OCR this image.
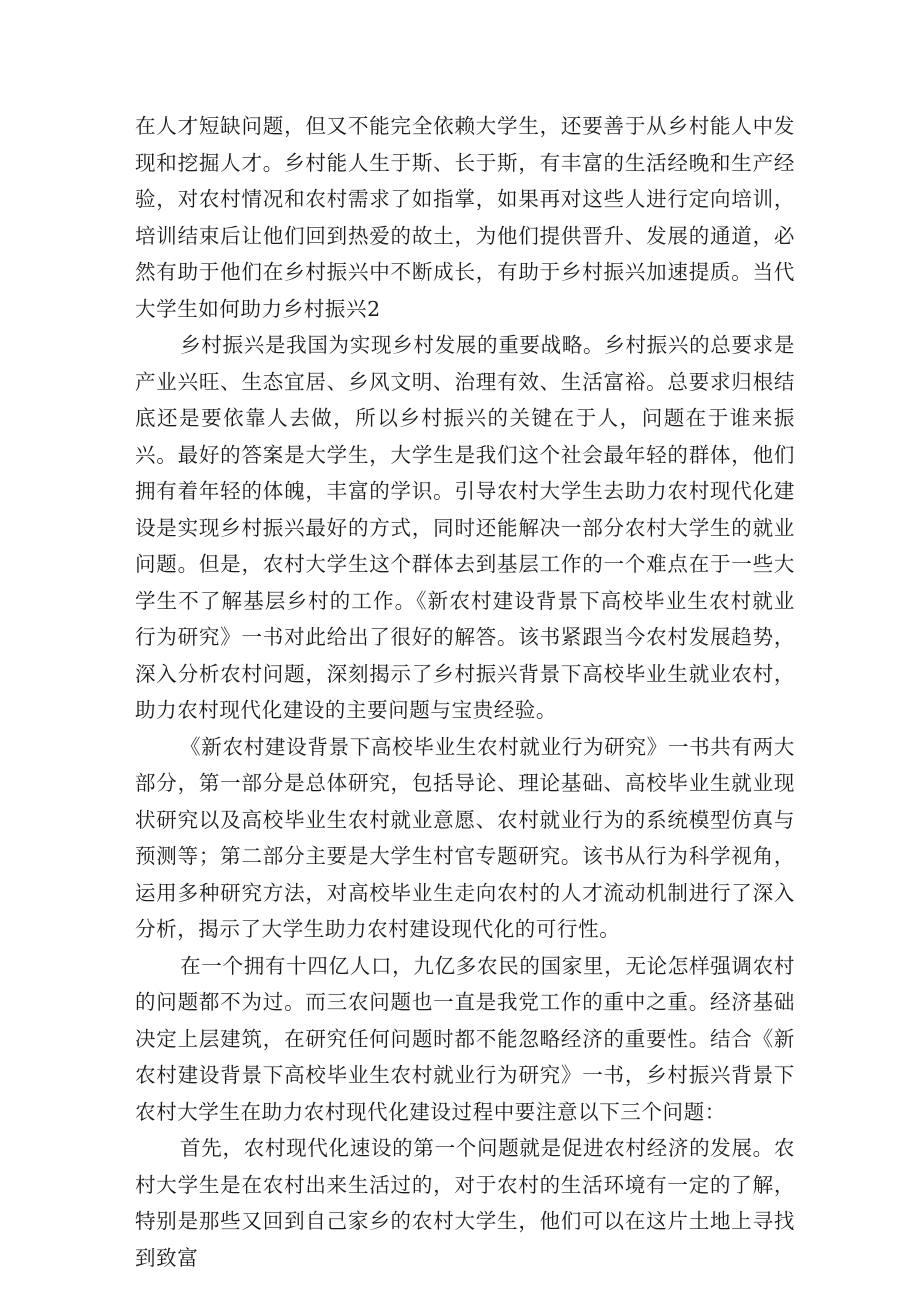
在人才短缺问题，但又不能完全依赖大学生，还要善于从乡村能人中发现和挖掘人才。乡村能人生于斯、长于斯，有丰富的生活经晚和生产经验，对农村情况和农村需求了如指掌，如果再对这些人进行定向培训，培训结束后让他们回到热爱的故土，为他们提供晋升、发展的通道，必然有助于他们在乡村振兴中不断成长，有助于乡村振兴加速提质。当代大学生如何助力乡村振兴2

乡村振兴是我国为实现乡村发展的重要战略。乡村振兴的总要求是产业兴旺、生态宜居、乡风文明、治理有效、生活富裕。总要求归根结底还是要依靠人去做，所以乡村振兴的关键在于人，问题在于谁来振兴。最好的答案是大学生，大学生是我们这个社会最年轻的群体，他们拥有着年轻的体魄，丰富的学识。引导农村大学生去助力农村现代化建设是实现乡村振兴最好的方式，同时还能解决一部分农村大学生的就业问题。但是，农村大学生这个群体去到基层工作的一个难点在于一些大学生不了解基层乡村的工作。《新农村建设背景下高校毕业生农村就业行为研究》一书对此给出了很好的解答。该书紧跟当今农村发展趋势，深入分析农村问题，深刻揭示了乡村振兴背景下高校毕业生就业农村，助力农村现代化建设的主要问题与宝贵经验。

《新农村建设背景下高校毕业生农村就业行为研究》一书共有两大部分，第一部分是总体研究，包括导论、理论基础、高校毕业生就业现状研究以及高校毕业生农村就业意愿、农村就业行为的系统模型仿真与预测等；第二部分主要是大学生村官专题研究。该书从行为科学视角，运用多种研究方法，对高校毕业生走向农村的人才流动机制进行了深入分析，揭示了大学生助力农村建设现代化的可行性。

在一个拥有十四亿人口，九亿多农民的国家里，无论怎样强调农村的问题都不为过。而三农问题也一直是我党工作的重中之重。经济基础决定上层建筑，在研究任何问题时都不能忽略经济的重要性。结合《新农村建设背景下高校毕业生农村就业行为研究》一书，乡村振兴背景下农村大学生在助力农村现代化建设过程中要注意以下三个问题：

首先，农村现代化速设的第一个问题就是促进农村经济的发展。农村大学生是在农村出来生活过的，对于农村的生活环境有一定的了解，特别是那些又回到自己家乡的农村大学生，他们可以在这片土地上寻找到致富
